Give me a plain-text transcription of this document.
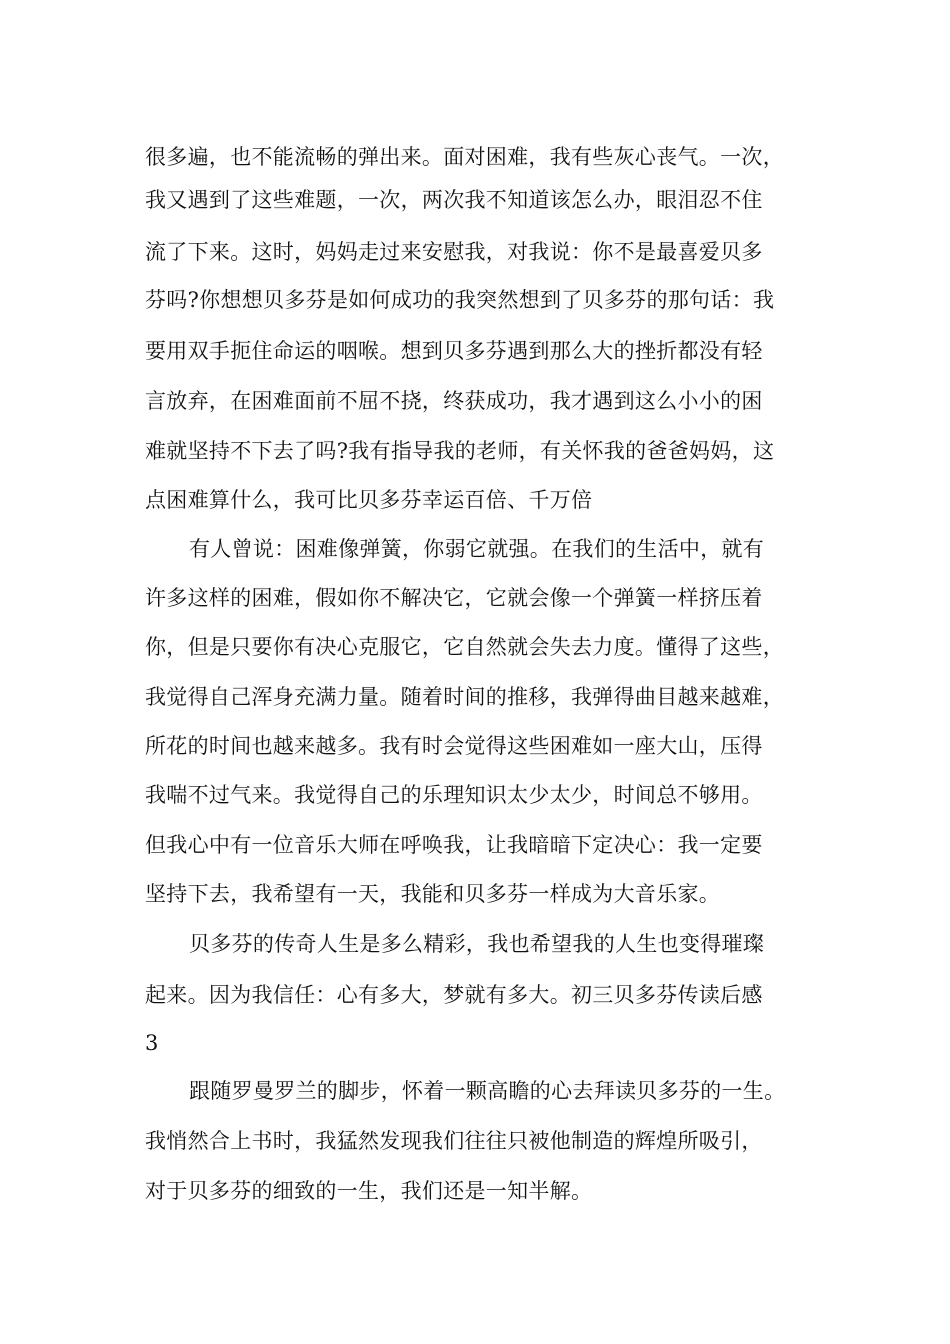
很多遍，也不能流畅的弹出来。面对困难，我有些灰心丧气。一次，
我又遇到了这些难题，一次，两次我不知道该怎么办，眼泪忍不住
流了下来。这时，妈妈走过来安慰我，对我说：你不是最喜爱贝多
芬吗?你想想贝多芬是如何成功的我突然想到了贝多芬的那句话：我
要用双手扼住命运的咽喉。想到贝多芬遇到那么大的挫折都没有轻
言放弃，在困难面前不屈不挠，终获成功，我才遇到这么小小的困
难就坚持不下去了吗?我有指导我的老师，有关怀我的爸爸妈妈，这
点困难算什么，我可比贝多芬幸运百倍、千万倍
有人曾说：困难像弹簧，你弱它就强。在我们的生活中，就有
许多这样的困难，假如你不解决它，它就会像一个弹簧一样挤压着
你，但是只要你有决心克服它，它自然就会失去力度。懂得了这些，
我觉得自己浑身充满力量。随着时间的推移，我弹得曲目越来越难，
所花的时间也越来越多。我有时会觉得这些困难如一座大山，压得
我喘不过气来。我觉得自己的乐理知识太少太少，时间总不够用。
但我心中有一位音乐大师在呼唤我，让我暗暗下定决心：我一定要
坚持下去，我希望有一天，我能和贝多芬一样成为大音乐家。
贝多芬的传奇人生是多么精彩，我也希望我的人生也变得璀璨
起来。因为我信任：心有多大，梦就有多大。初三贝多芬传读后感
3
跟随罗曼罗兰的脚步，怀着一颗高瞻的心去拜读贝多芬的一生。
我悄然合上书时，我猛然发现我们往往只被他制造的辉煌所吸引，
对于贝多芬的细致的一生，我们还是一知半解。
